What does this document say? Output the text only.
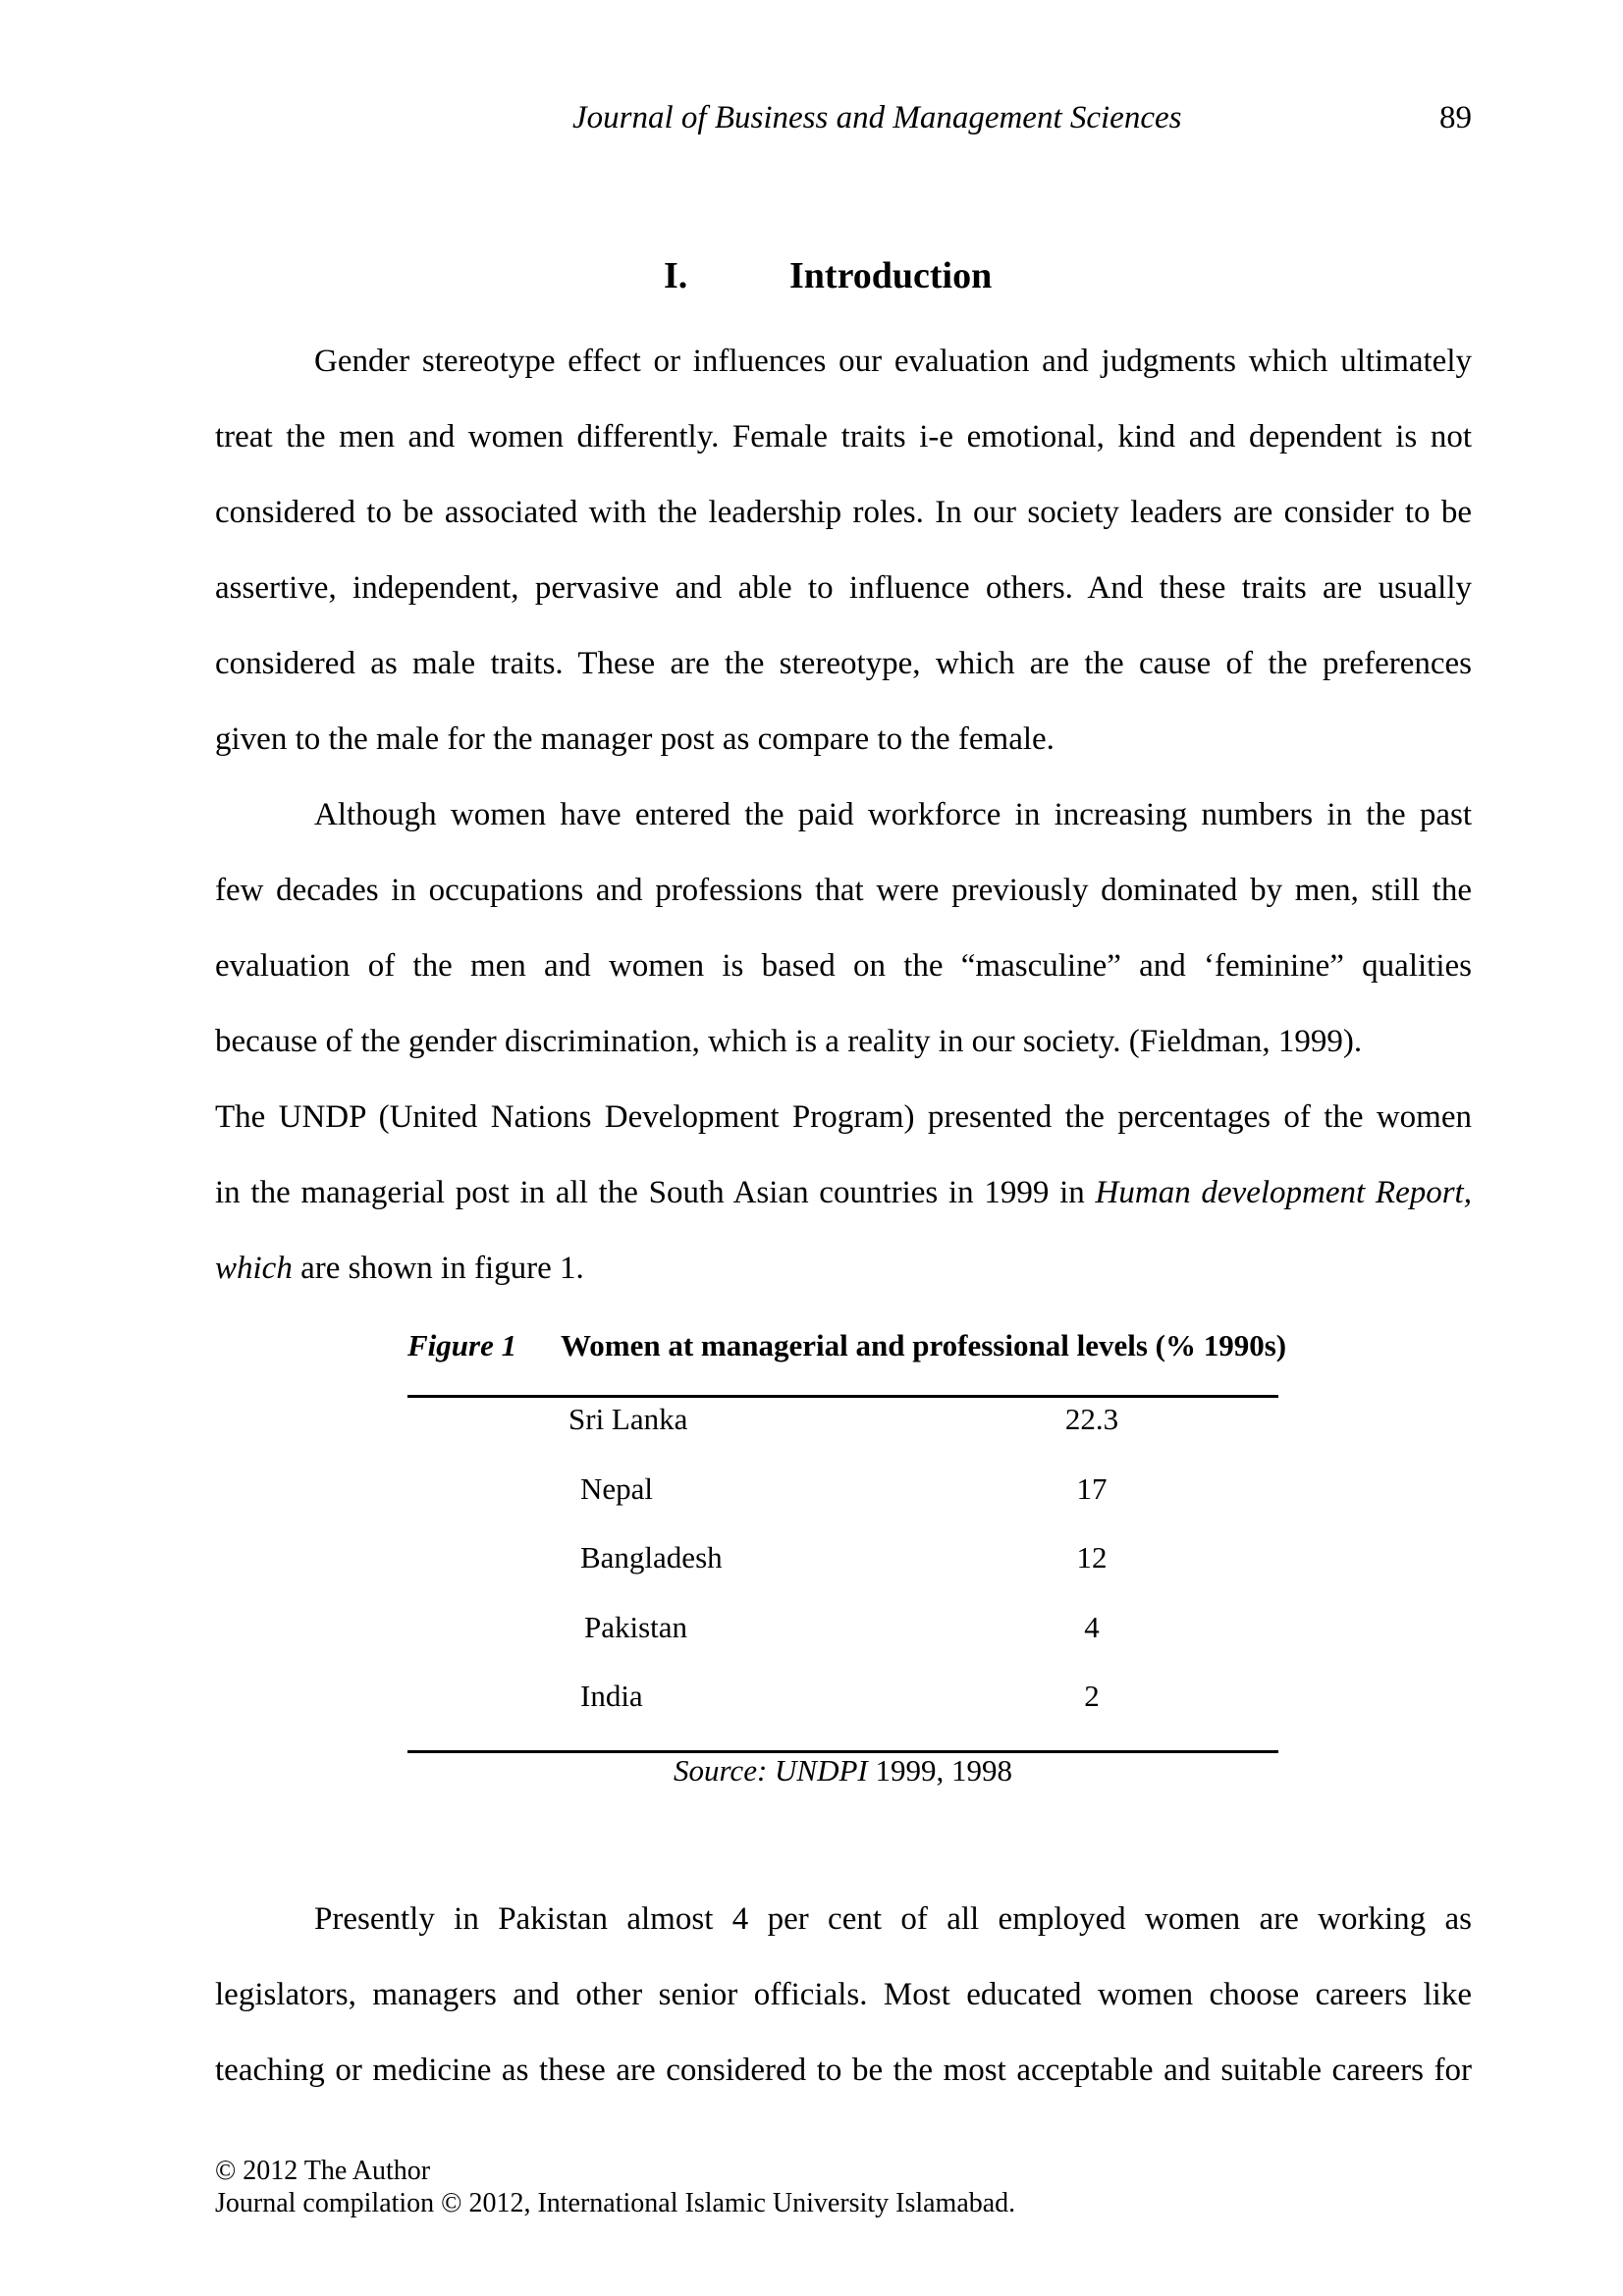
Journal of Business and Management Sciences	89
I.	Introduction
Gender stereotype effect or influences our evaluation and judgments which ultimately
treat the men and women differently. Female traits i-e emotional, kind and dependent is not
considered to be associated with the leadership roles. In our society leaders are consider to be
assertive, independent, pervasive and able to influence others. And these traits are usually
considered as male traits. These are the stereotype, which are the cause of the preferences
given to the male for the manager post as compare to the female.
Although women have entered the paid workforce in increasing numbers in the past
few decades in occupations and professions that were previously dominated by men, still the
evaluation of the men and women is based on the “masculine” and ‘feminine” qualities
because of the gender discrimination, which is a reality in our society. (Fieldman, 1999).
The UNDP (United Nations Development Program) presented the percentages of the women
in the managerial post in all the South Asian countries in 1999 in Human development Report,
which are shown in figure 1.
Figure 1 Women at managerial and professional levels (% 1990s)
Sri Lanka	22.3
Nepal	17
Bangladesh	12
Pakistan	4
India	2
Source: UNDPI 1999, 1998
Presently in Pakistan almost 4 per cent of all employed women are working as
legislators, managers and other senior officials. Most educated women choose careers like
teaching or medicine as these are considered to be the most acceptable and suitable careers for
© 2012 The Author
Journal compilation © 2012, International Islamic University Islamabad.
